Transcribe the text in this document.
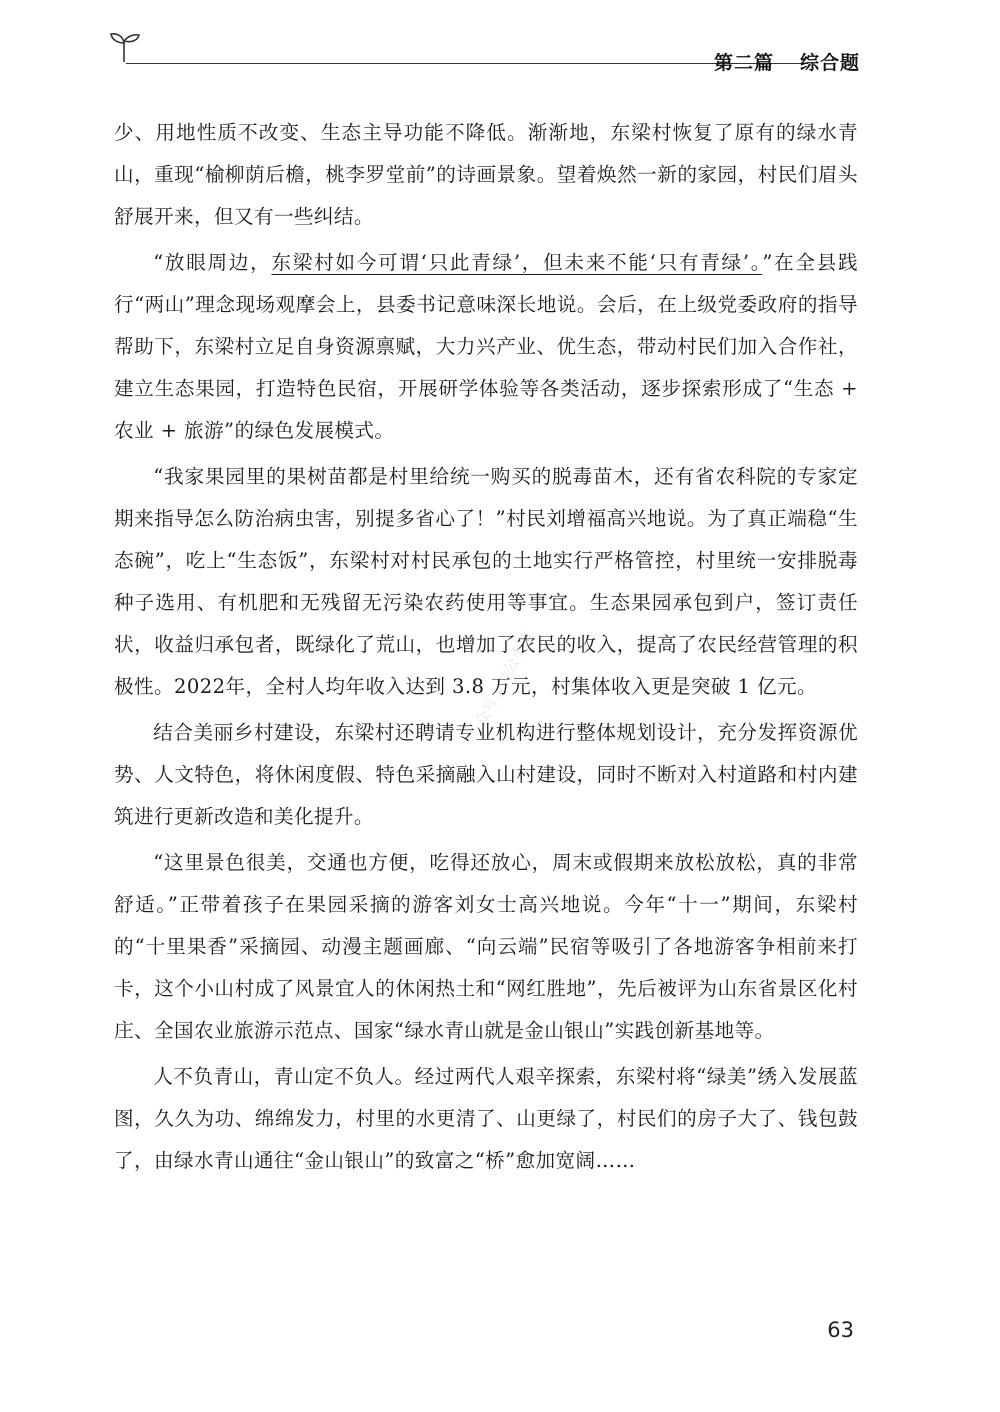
第二篇 综合题

少、用地性质不改变、生态主导功能不降低。渐渐地，东梁村恢复了原有的绿水青山，重现“榆柳荫后檐，桃李罗堂前”的诗画景象。望着焕然一新的家园，村民们眉头舒展开来，但又有一些纠结。

“放眼周边，东梁村如今可谓‘只此青绿’，但未来不能‘只有青绿’。”在全县践行“两山”理念现场观摩会上，县委书记意味深长地说。会后，在上级党委政府的指导帮助下，东梁村立足自身资源禀赋，大力兴产业、优生态，带动村民们加入合作社，建立生态果园，打造特色民宿，开展研学体验等各类活动，逐步探索形成了“生态 + 农业 + 旅游”的绿色发展模式。

“我家果园里的果树苗都是村里给统一购买的脱毒苗木，还有省农科院的专家定期来指导怎么防治病虫害，别提多省心了！”村民刘增福高兴地说。为了真正端稳“生态碗”，吃上“生态饭”，东梁村对村民承包的土地实行严格管控，村里统一安排脱毒种子选用、有机肥和无残留无污染农药使用等事宜。生态果园承包到户，签订责任状，收益归承包者，既绿化了荒山，也增加了农民的收入，提高了农民经营管理的积极性。2022年，全村人均年收入达到 3.8 万元，村集体收入更是突破 1 亿元。

结合美丽乡村建设，东梁村还聘请专业机构进行整体规划设计，充分发挥资源优势、人文特色，将休闲度假、特色采摘融入山村建设，同时不断对入村道路和村内建筑进行更新改造和美化提升。

“这里景色很美，交通也方便，吃得还放心，周末或假期来放松放松，真的非常舒适。”正带着孩子在果园采摘的游客刘女士高兴地说。今年“十一”期间，东梁村的“十里果香”采摘园、动漫主题画廊、“向云端”民宿等吸引了各地游客争相前来打卡，这个小山村成了风景宜人的休闲热土和“网红胜地”，先后被评为山东省景区化村庄、全国农业旅游示范点、国家“绿水青山就是金山银山”实践创新基地等。

人不负青山，青山定不负人。经过两代人艰辛探索，东梁村将“绿美”绣入发展蓝图，久久为功、绵绵发力，村里的水更清了、山更绿了，村民们的房子大了、钱包鼓了，由绿水青山通往“金山银山”的致富之“桥”愈加宽阔……

众号：考公小猿
63
